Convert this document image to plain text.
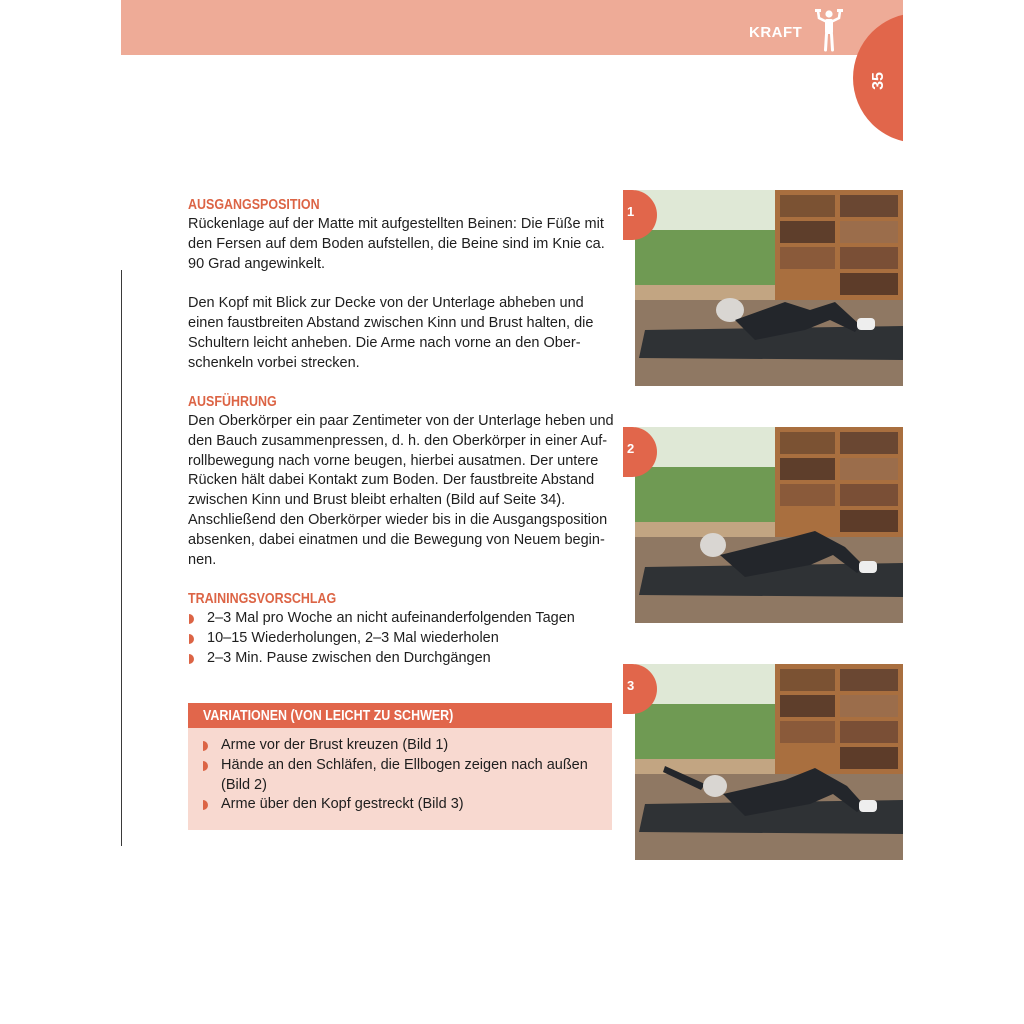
KRAFT
35
AUSGANGSPOSITION
Rückenlage auf der Matte mit aufgestellten Beinen: Die Füße mit
den Fersen auf dem Boden aufstellen, die Beine sind im Knie ca.
90 Grad angewinkelt.
Den Kopf mit Blick zur Decke von der Unterlage abheben und
einen faustbreiten Abstand zwischen Kinn und Brust halten, die
Schultern leicht anheben. Die Arme nach vorne an den Ober-
schenkeln vorbei strecken.
AUSFÜHRUNG
Den Oberkörper ein paar Zentimeter von der Unterlage heben und
den Bauch zusammenpressen, d. h. den Oberkörper in einer Auf-
rollbewegung nach vorne beugen, hierbei ausatmen. Der untere
Rücken hält dabei Kontakt zum Boden. Der faustbreite Abstand
zwischen Kinn und Brust bleibt erhalten (Bild auf Seite 34).
Anschließend den Oberkörper wieder bis in die Ausgangsposition
absenken, dabei einatmen und die Bewegung von Neuem begin-
nen.
TRAININGSVORSCHLAG
2–3 Mal pro Woche an nicht aufeinanderfolgenden Tagen
10–15 Wiederholungen, 2–3 Mal wiederholen
2–3 Min. Pause zwischen den Durchgängen
VARIATIONEN (VON LEICHT ZU SCHWER)
Arme vor der Brust kreuzen (Bild 1)
Hände an den Schläfen, die Ellbogen zeigen nach außen
(Bild 2)
Arme über den Kopf gestreckt (Bild 3)
1
2
3
